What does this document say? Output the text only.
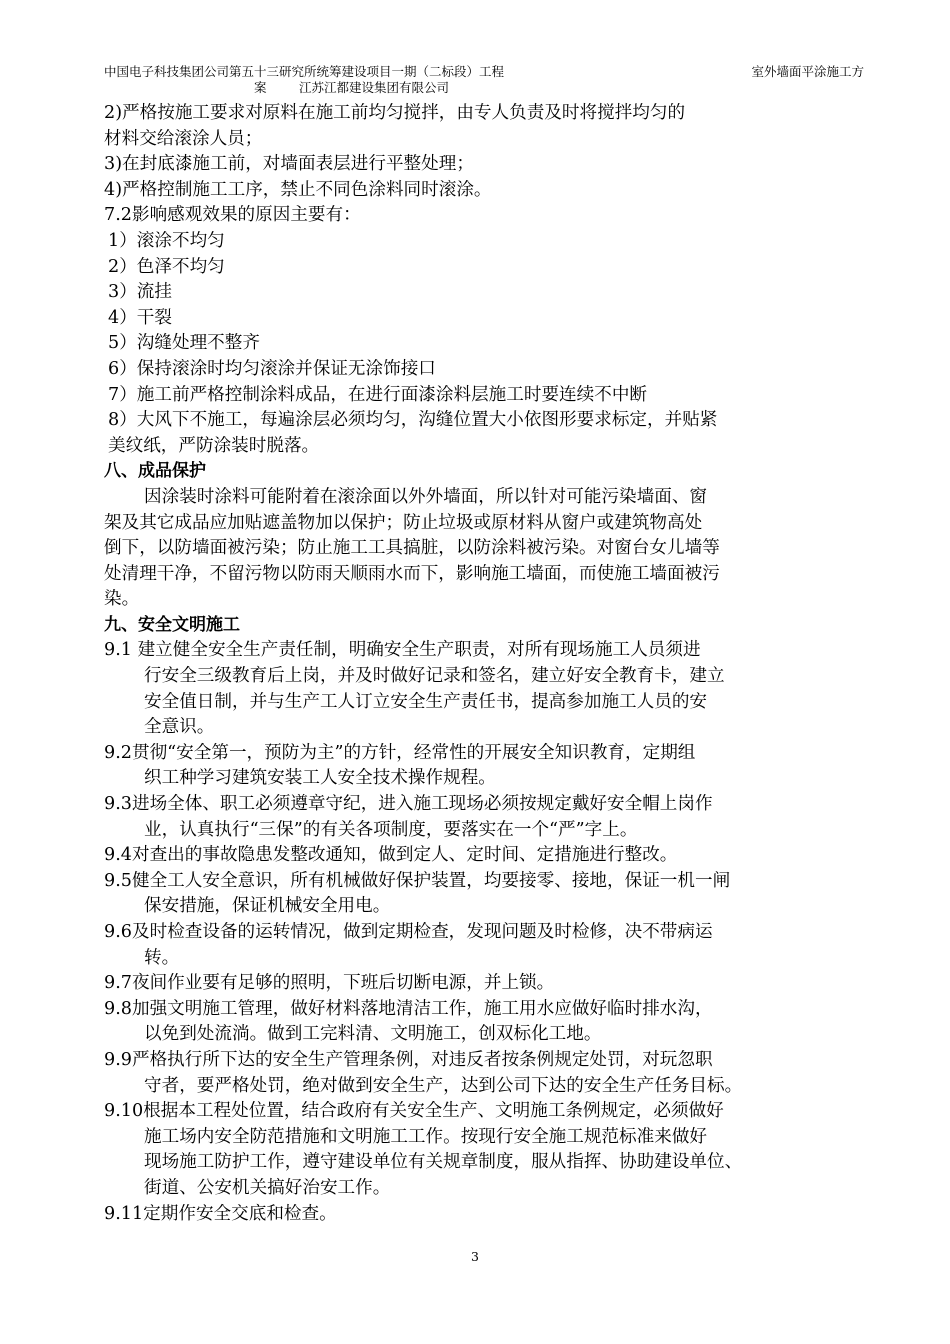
中国电子科技集团公司第五十三研究所统筹建设项目一期（二标段）工程	室外墙面平涂施工方
案	江苏江都建设集团有限公司

2)严格按施工要求对原料在施工前均匀搅拌，由专人负责及时将搅拌均匀的

材料交给滚涂人员；

3)在封底漆施工前，对墙面表层进行平整处理；

4)严格控制施工工序，禁止不同色涂料同时滚涂。

7.2影响感观效果的原因主要有：

1）滚涂不均匀

2）色泽不均匀

3）流挂

4）干裂

5）沟缝处理不整齐

6）保持滚涂时均匀滚涂并保证无涂饰接口

7）施工前严格控制涂料成品，在进行面漆涂料层施工时要连续不中断

8）大风下不施工，每遍涂层必须均匀，沟缝位置大小依图形要求标定，并贴紧

美纹纸，严防涂装时脱落。

八、成品保护

因涂装时涂料可能附着在滚涂面以外外墙面，所以针对可能污染墙面、窗

架及其它成品应加贴遮盖物加以保护；防止垃圾或原材料从窗户或建筑物高处

倒下，以防墙面被污染；防止施工工具搞脏，以防涂料被污染。对窗台女儿墙等

处清理干净，不留污物以防雨天顺雨水而下，影响施工墙面，而使施工墙面被污

染。

九、安全文明施工

9.1 建立健全安全生产责任制，明确安全生产职责，对所有现场施工人员须进

行安全三级教育后上岗，并及时做好记录和签名，建立好安全教育卡，建立

安全值日制，并与生产工人订立安全生产责任书，提高参加施工人员的安

全意识。

9.2贯彻“安全第一，预防为主”的方针，经常性的开展安全知识教育，定期组

织工种学习建筑安装工人安全技术操作规程。

9.3进场全体、职工必须遵章守纪，进入施工现场必须按规定戴好安全帽上岗作

业，认真执行“三保”的有关各项制度，要落实在一个“严”字上。

9.4对查出的事故隐患发整改通知，做到定人、定时间、定措施进行整改。

9.5健全工人安全意识，所有机械做好保护装置，均要接零、接地，保证一机一闸

保安措施，保证机械安全用电。

9.6及时检查设备的运转情况，做到定期检查，发现问题及时检修，决不带病运

转。

9.7夜间作业要有足够的照明，下班后切断电源，并上锁。

9.8加强文明施工管理，做好材料落地清洁工作，施工用水应做好临时排水沟，

以免到处流淌。做到工完料清、文明施工，创双标化工地。

9.9严格执行所下达的安全生产管理条例，对违反者按条例规定处罚，对玩忽职

守者，要严格处罚，绝对做到安全生产，达到公司下达的安全生产任务目标。

9.10根据本工程处位置，结合政府有关安全生产、文明施工条例规定，必须做好

施工场内安全防范措施和文明施工工作。按现行安全施工规范标准来做好

现场施工防护工作，遵守建设单位有关规章制度，服从指挥、协助建设单位、

街道、公安机关搞好治安工作。

9.11定期作安全交底和检查。

3
